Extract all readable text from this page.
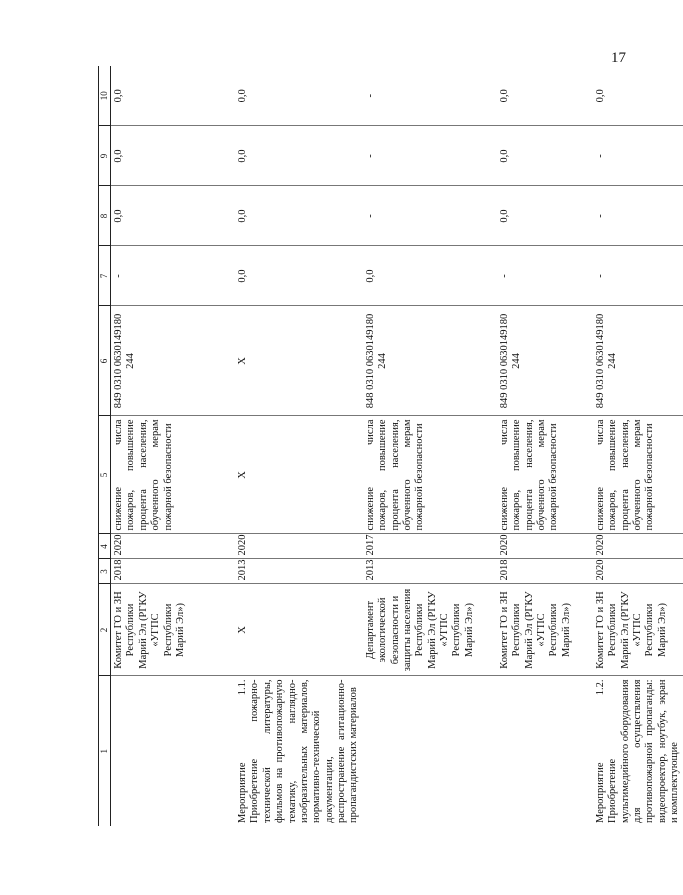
17
1	2	3	4	5	6	7	8	9	10
	Комитет ГО и ЗН Республики Марий Эл (РГКУ «УГПС Республики Марий Эл»)	2018	2020	снижение числа пожаров, повышение процента населения, обученного мерам пожарной безопасности	849 0310 0630149180 244	-	0,0	0,0	0,0
Мероприятие 1.1. Приобретение пожарно-технической литературы, фильмов на противопожарную тематику, наглядно-изобразительных материалов, нормативно-технической документации, распространение агитационно-пропагандистских материалов	X	2013	2020	X	X	0,0	0,0	0,0	0,0
	Департамент экологической безопасности и защиты населения Республики Марий Эл (РГКУ «УГПС Республики Марий Эл»)	2013	2017	снижение числа пожаров, повышение процента населения, обученного мерам пожарной безопасности	848 0310 0630149180 244	0,0	-	-	-
	Комитет ГО и ЗН Республики Марий Эл (РГКУ «УГПС Республики Марий Эл»)	2018	2020	снижение числа пожаров, повышение процента населения, обученного мерам пожарной безопасности	849 0310 0630149180 244	-	0,0	0,0	0,0
Мероприятие 1.2. Приобретение мультимедийного оборудования для осуществления противопожарной пропаганды: видеопроектор, ноутбук, экран и комплектующие	Комитет ГО и ЗН Республики Марий Эл (РГКУ «УГПС Республики Марий Эл»)	2020	2020	снижение числа пожаров, повышение процента населения, обученного мерам пожарной безопасности	849 0310 0630149180 244	-	-	-	0,0
